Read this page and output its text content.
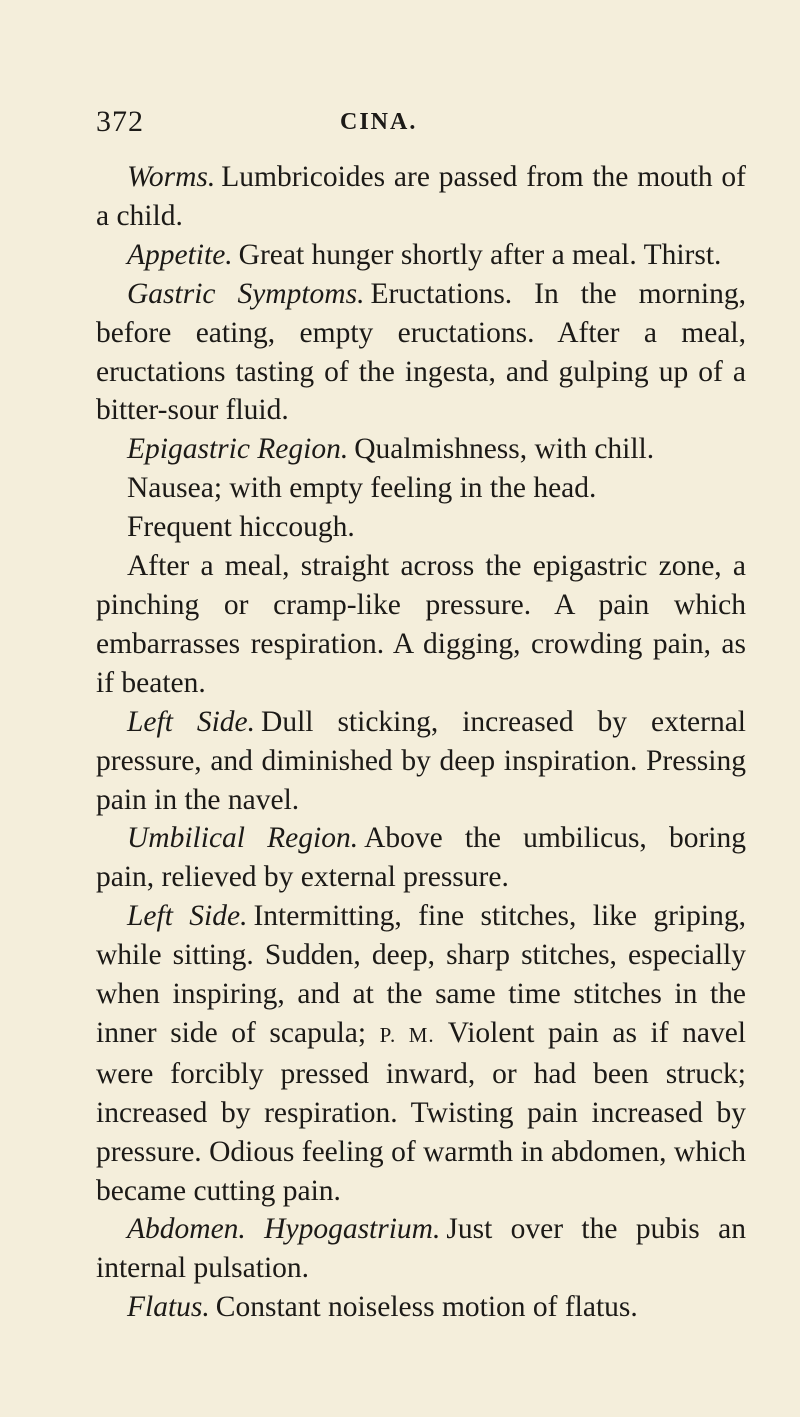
372	CINA.

Worms. Lumbricoides are passed from the mouth of a child.

Appetite. Great hunger shortly after a meal. Thirst.

Gastric Symptoms. Eructations. In the morning, before eating, empty eructations. After a meal, eructations tasting of the ingesta, and gulping up of a bitter-sour fluid.

Epigastric Region. Qualmishness, with chill.

Nausea; with empty feeling in the head.

Frequent hiccough.

After a meal, straight across the epigastric zone, a pinching or cramp-like pressure. A pain which embarrasses respiration. A digging, crowding pain, as if beaten.

Left Side. Dull sticking, increased by external pressure, and diminished by deep inspiration. Pressing pain in the navel.

Umbilical Region. Above the umbilicus, boring pain, relieved by external pressure.

Left Side. Intermitting, fine stitches, like griping, while sitting. Sudden, deep, sharp stitches, especially when inspiring, and at the same time stitches in the inner side of scapula; P. M. Violent pain as if navel were forcibly pressed inward, or had been struck; increased by respiration. Twisting pain increased by pressure. Odious feeling of warmth in abdomen, which became cutting pain.

Abdomen. Hypogastrium. Just over the pubis an internal pulsation.

Flatus. Constant noiseless motion of flatus.
